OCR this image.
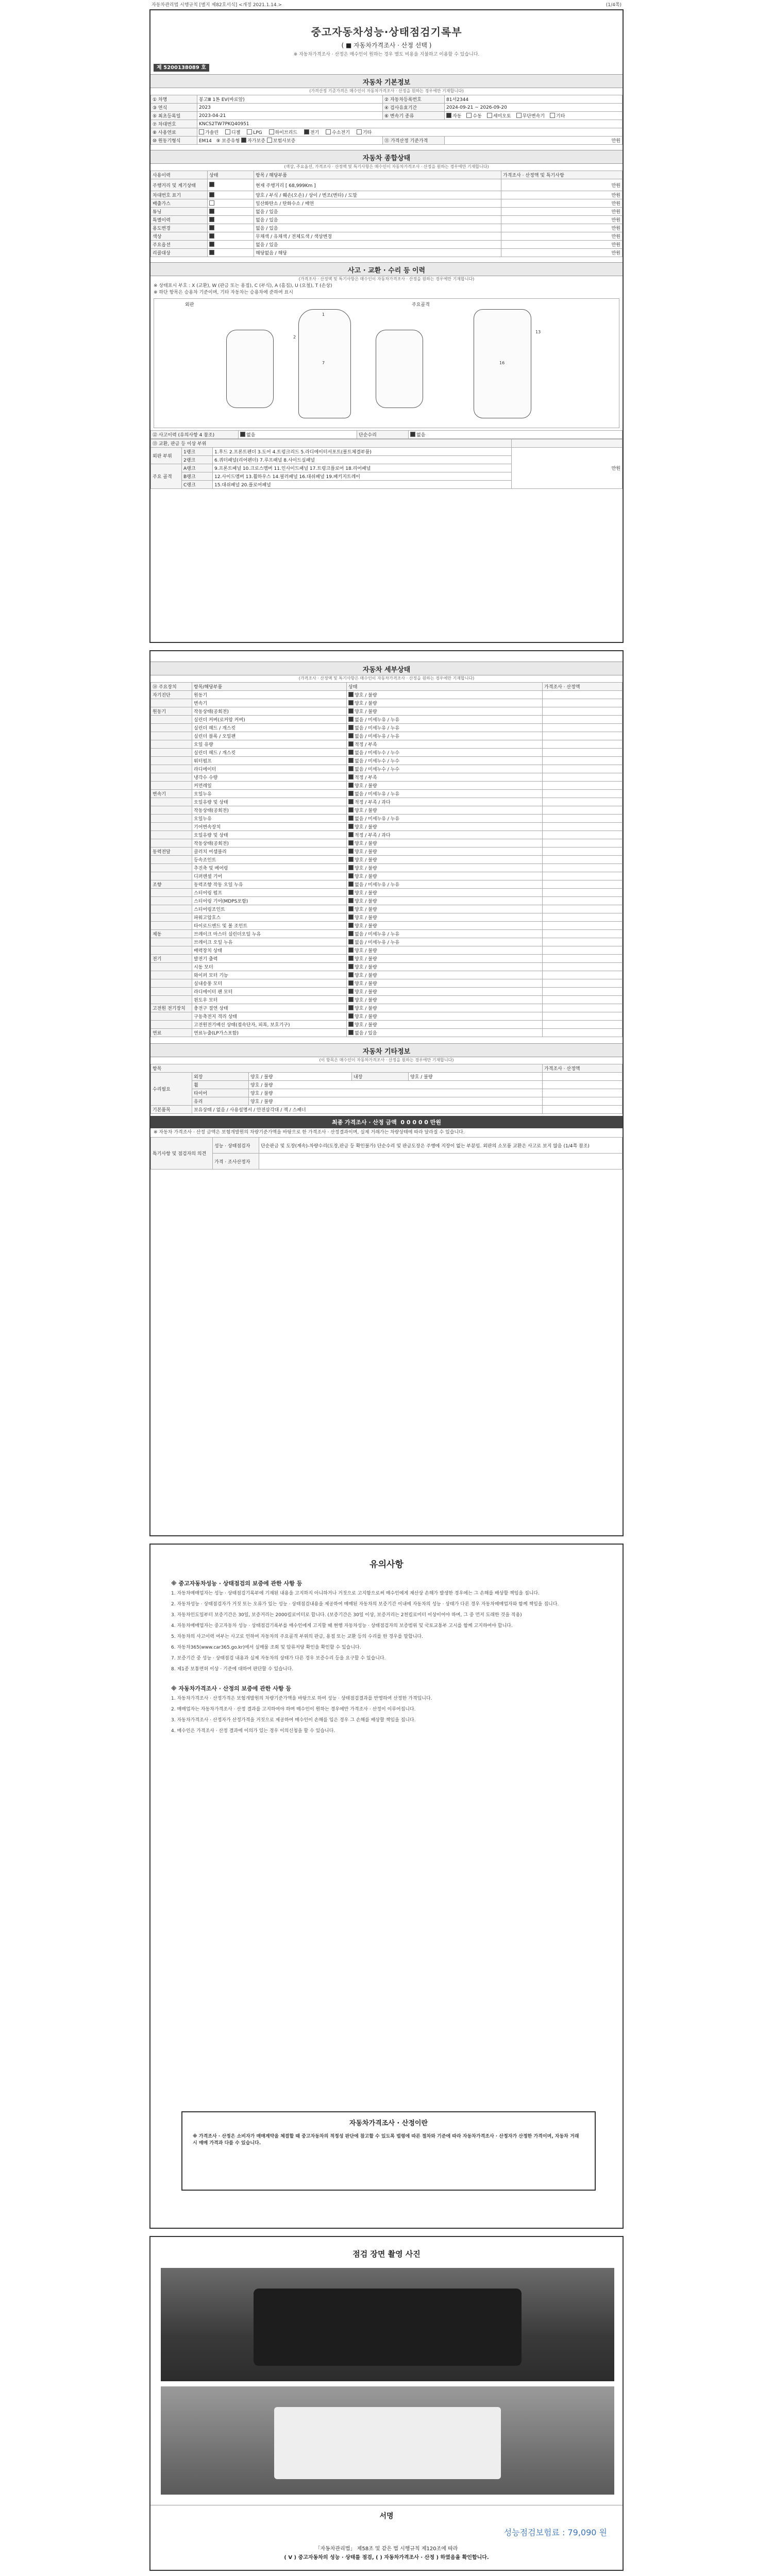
자동차관리법 시행규칙 [별지 제82호서식] <개정 2021.1.14.>	(1/4쪽)
중고자동차성능·상태점검기록부
( ■ 자동차가격조사 · 산정 선택 )
※ 자동차가격조사 · 산정은 매수인이 원하는 경우 별도 비용을 지불하고 이용할 수 있습니다.
제 5200138089 호
자동차 기본정보
(가격산정 기준가격은 매수인이 자동차가격조사 · 산정을 원하는 경우에만 기재합니다)
① 차명	봉고Ⅲ 1톤 EV(바로앞)	② 자동차등록번호	81서2344
③ 연식	2023	④ 검사유효기간	2024-09-21 ~ 2026-09-20
⑤ 최초등록일	2023-04-21	⑥ 변속기 종류	자동 수동 세미오토 무단변속기 기타
⑦ 차대번호	KNCS2TW7PKQ40951		
⑧ 사용연료	가솔린 디젤 LPG 하이브리드 전기 수소전기 기타		
⑩ 원동기형식	EM14 ⑨ 보증유형 자가보증 보험사보증	⑪ 가격산정 기준가격	만원
자동차 종합상태
(색상, 주요옵션, 가격조사 · 산정액 및 특기사항은 매수인이 자동차가격조사 · 산정을 원하는 경우에만 기재합니다)
사용이력	상태	항목 / 해당부품	가격조사 · 산정액 및 특기사항
주행거리 및 계기상태		현재 주행거리 [ 68,999Km ]	만원
차대번호 표기		양호 / 부식 / 훼손(오손) / 상이 / 변조(변타) / 도말	만원
배출가스		일산화탄소 / 탄화수소 / 매연	만원
튜닝		없음 / 있음	만원
특별이력		없음 / 있음	만원
용도변경		없음 / 있음	만원
색상		무채색 / 유채색 / 전체도색 / 색상변경	만원
주요옵션		없음 / 있음	만원
리콜대상		해당없음 / 해당	만원
사고 · 교환 · 수리 등 이력
(가격조사 · 산정액 및 특기사항은 매수인이 자동차가격조사 · 산정을 원하는 경우에만 기재합니다)
※ 상태표시 부호 : X (교환), W (판금 또는 용접), C (부식), A (흠집), U (요철), T (손상)
※ 하단 항목은 승용차 기준이며, 기타 자동차는 승용차에 준하여 표시
외판	주요골격
1
2
7	16
13
⑫ 사고이력 (유의사항 4 참조)	없음	단순수리	없음
⑬ 교환, 판금 등 이상 부위			
외판 부위	1랭크	1.후드 2.프론트펜더 3.도어 4.트렁크리드 5.라디에이터서포트(볼트체결부품)	만원
	2랭크	6.쿼터패널(리어펜더) 7.루프패널 8.사이드실패널	
주요 골격	A랭크	9.프론트패널 10.크로스멤버 11.인사이드패널 17.트렁크플로어 18.리어패널	
	B랭크	12.사이드멤버 13.휠하우스 14.필러패널 16.대쉬패널 19.패키지트레이	
	C랭크	15.대쉬패널 20.플로어패널	
자동차 세부상태
(가격조사 · 산정액 및 특기사항은 매수인이 자동차가격조사 · 산정을 원하는 경우에만 기재합니다)
⑭ 주요장치	항목/해당부품	상태	가격조사 · 산정액
자기진단	원동기	양호 / 불량	
	변속기	양호 / 불량	
원동기	작동상태(공회전)	양호 / 불량	
	실린더 커버(로커암 커버)	없음 / 미세누유 / 누유	
	실린더 헤드 / 개스킷	없음 / 미세누유 / 누유	
	실린더 블록 / 오일팬	없음 / 미세누유 / 누유	
	오일 유량	적정 / 부족	
	실린더 헤드 / 개스킷	없음 / 미세누수 / 누수	
	워터펌프	없음 / 미세누수 / 누수	
	라디에이터	없음 / 미세누수 / 누수	
	냉각수 수량	적정 / 부족	
	커먼레일	양호 / 불량	
변속기	오일누유	없음 / 미세누유 / 누유	
	오일유량 및 상태	적정 / 부족 / 과다	
	작동상태(공회전)	양호 / 불량	
	오일누유	없음 / 미세누유 / 누유	
	기어변속장치	양호 / 불량	
	오일유량 및 상태	적정 / 부족 / 과다	
	작동상태(공회전)	양호 / 불량	
동력전달	클러치 어셈블리	양호 / 불량	
	등속조인트	양호 / 불량	
	추진축 및 베어링	양호 / 불량	
	디퍼렌셜 기어	양호 / 불량	
조향	동력조향 작동 오일 누유	없음 / 미세누유 / 누유	
	스티어링 펌프	양호 / 불량	
	스티어링 기어(MDPS포함)	양호 / 불량	
	스티어링조인트	양호 / 불량	
	파워고압호스	양호 / 불량	
	타이로드엔드 및 볼 조인트	양호 / 불량	
제동	브레이크 마스터 실린더오일 누유	없음 / 미세누유 / 누유	
	브레이크 오일 누유	없음 / 미세누유 / 누유	
	배력장치 상태	양호 / 불량	
전기	발전기 출력	양호 / 불량	
	시동 모터	양호 / 불량	
	와이퍼 모터 기능	양호 / 불량	
	실내송풍 모터	양호 / 불량	
	라디에이터 팬 모터	양호 / 불량	
	윈도우 모터	양호 / 불량	
고전원 전기장치	충전구 절연 상태	양호 / 불량	
	구동축전지 격리 상태	양호 / 불량	
	고전원전기배선 상태(접속단자, 피복, 보호기구)	양호 / 불량	
연료	연료누출(LP가스포함)	없음 / 있음	
자동차 기타정보
(이 항목은 매수인이 자동차가격조사 · 산정을 원하는 경우에만 기재합니다)
항목					가격조사 · 산정액
수리필요	외장	양호 / 불량	내장	양호 / 불량	
	휠	양호 / 불량			
	타이어	양호 / 불량			
	유리	양호 / 불량			
기본품목	보유상태 / 없음 / 사용설명서 / 안전삼각대 / 잭 / 스패너				
최종 가격조사 · 산정 금액 0 0 0 0 0 만원
※ 자동차 가격조사 · 산정 금액은 보험개발원의 차량기준가액을 바탕으로 한 가격조사 · 산정결과이며, 실제 거래가는 차량상태에 따라 달라질 수 있습니다.
특기사항 및 점검자의 의견	성능 · 상태점검자	단순판금 및 도장(계속)-차량수리(도장,판금 등 확인불가) 단순수리 및 판금도장은 주행에 지장이 없는 부분임. 외판의 소모품 교환은 사고로 보지 않음 (1/4쪽 참조)
	가격 · 조사산정자	
유의사항
※ 중고자동차성능 · 상태점검의 보증에 관한 사항 등
1. 자동차매매업자는 성능 · 상태점검기록부에 기재된 내용을 고지하지 아니하거나 거짓으로 고지함으로써 매수인에게 재산상 손해가 발생한 경우에는 그 손해를 배상할 책임을 집니다.
2. 자동차성능 · 상태점검자가 거짓 또는 오류가 있는 성능 · 상태점검내용을 제공하여 매매된 자동차의 보증기간 이내에 자동차의 성능 · 상태가 다른 경우 자동차매매업자와 함께 책임을 집니다.
3. 자동차인도일부터 보증기간은 30일, 보증거리는 2000킬로미터로 합니다. (보증기간은 30일 이상, 보증거리는 2천킬로미터 이상이어야 하며, 그 중 먼저 도래한 것을 적용)
4. 자동차매매업자는 중고자동차 성능 · 상태점검기록부를 매수인에게 고지할 때 현행 자동차성능 · 상태점검자의 보증범위 및 국토교통부 고시를 함께 고지하여야 합니다.
5. 자동차의 사고이력 여부는 사고로 인하여 자동차의 주요골격 부위의 판금, 용접 또는 교환 등의 수리를 한 경우를 말합니다.
6. 자동차365(www.car365.go.kr)에서 실매물 조회 및 압류저당 확인을 확인할 수 있습니다.
7. 보증기간 중 성능 · 상태점검 내용과 실제 자동차의 상태가 다른 경우 보증수리 등을 요구할 수 있습니다.
8. 제1종 보통면허 이상 · 기준에 대하여 판단할 수 있습니다.
※ 자동차가격조사 · 산정의 보증에 관한 사항 등
1. 자동차가격조사 · 산정가격은 보험개발원의 차량기준가액을 바탕으로 하여 성능 · 상태점검결과를 반영하여 산정한 가격입니다.
2. 매매업자는 자동차가격조사 · 산정 결과를 고지하여야 하며 매수인이 원하는 경우에만 가격조사 · 산정이 이루어집니다.
3. 자동차가격조사 · 산정자가 산정가격을 거짓으로 제공하여 매수인이 손해를 입은 경우 그 손해를 배상할 책임을 집니다.
4. 매수인은 가격조사 · 산정 결과에 이의가 있는 경우 이의신청을 할 수 있습니다.
자동차가격조사 · 산정이란
※ 가격조사 · 산정은 소비자가 매매계약을 체결할 때 중고자동차의 적정성 판단에 참고할 수 있도록 법령에 따른 절차와 기준에 따라 자동차가격조사 · 산정자가 산정한 가격이며, 자동차 거래 시 매매 가격과 다를 수 있습니다.
점검 장면 촬영 사진
서명
성능점검보험료 : 79,090 원
「자동차관리법」 제58조 및 같은 법 시행규칙 제120조에 따라
( Ⅴ ) 중고자동차의 성능 · 상태를 점검, ( ) 자동차가격조사 · 산정 ) 하였음을 확인합니다.
